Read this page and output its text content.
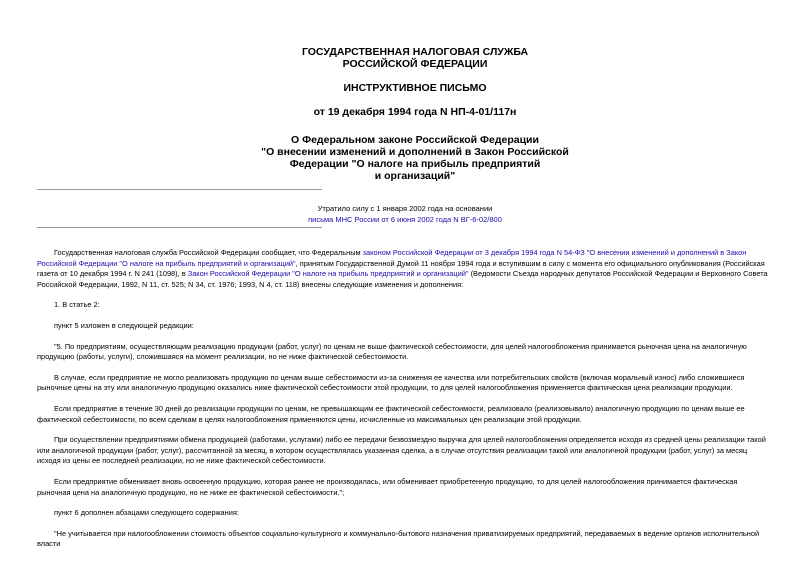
ГОСУДАРСТВЕННАЯ НАЛОГОВАЯ СЛУЖБА

РОССИЙСКОЙ ФЕДЕРАЦИИ

ИНСТРУКТИВНОЕ ПИСЬМО

от 19 декабря 1994 года N НП-4-01/117н

О Федеральном законе Российской Федерации

"О внесении изменений и дополнений в Закон Российской

Федерации "О налоге на прибыль предприятий

и организаций"

Утратило силу с 1 января 2002 года на основании

письма МНС России от 6 июня 2002 года N ВГ-6-02/800

Государственная налоговая служба Российской Федерации сообщает, что Федеральным законом Российской Федерации от 3 декабря 1994 года N 54-ФЗ "О внесении изменений и дополнений в Закон Российской Федерации "О налоге на прибыль предприятий и организаций", принятым Государственной Думой 11 ноября 1994 года и вступившим в силу с момента его официального опубликования (Российская газета от 10 декабря 1994 г. N 241 (1098), в Закон Российской Федерации "О налоге на прибыль предприятий и организаций" (Ведомости Съезда народных депутатов Российской Федерации и Верховного Совета Российской Федерации, 1992, N 11, ст. 525; N 34, ст. 1976; 1993, N 4, ст. 118) внесены следующие изменения и дополнения:

1. В статье 2:

пункт 5 изложен в следующей редакции:

"5. По предприятиям, осуществляющим реализацию продукции (работ, услуг) по ценам не выше фактической себестоимости, для целей налогообложения принимается рыночная цена на аналогичную продукцию (работы, услуги), сложившаяся на момент реализации, но не ниже фактической себестоимости.

В случае, если предприятие не могло реализовать продукцию по ценам выше себестоимости из-за снижения ее качества или потребительских свойств (включая моральный износ) либо сложившиеся рыночные цены на эту или аналогичную продукцию оказались ниже фактической себестоимости этой продукции, то для целей налогообложения применяется фактическая цена реализации продукции.

Если предприятие в течение 30 дней до реализации продукции по ценам, не превышающим ее фактической себестоимости, реализовало (реализовывало) аналогичную продукцию по ценам выше ее фактической себестоимости, по всем сделкам в целях налогообложения применяются цены, исчисленные из максимальных цен реализации этой продукции.

При осуществлении предприятиями обмена продукцией (работами, услугами) либо ее передачи безвозмездно выручка для целей налогообложения определяется исходя из средней цены реализации такой или аналогичной продукции (работ, услуг), рассчитанной за месяц, в котором осуществлялась указанная сделка, а в случае отсутствия реализации такой или аналогичной продукции (работ, услуг) за месяц исходя из цены ее последней реализации, но не ниже фактической себестоимости.

Если предприятие обменивает вновь освоенную продукцию, которая ранее не производилась, или обменивает приобретенную продукцию, то для целей налогообложения принимается фактическая рыночная цена на аналогичную продукцию, но не ниже ее фактической себестоимости.";

пункт 6 дополнен абзацами следующего содержания:

"Не учитывается при налогообложении стоимость объектов социально-культурного и коммунально-бытового назначения приватизируемых предприятий, передаваемых в ведение органов исполнительной власти
